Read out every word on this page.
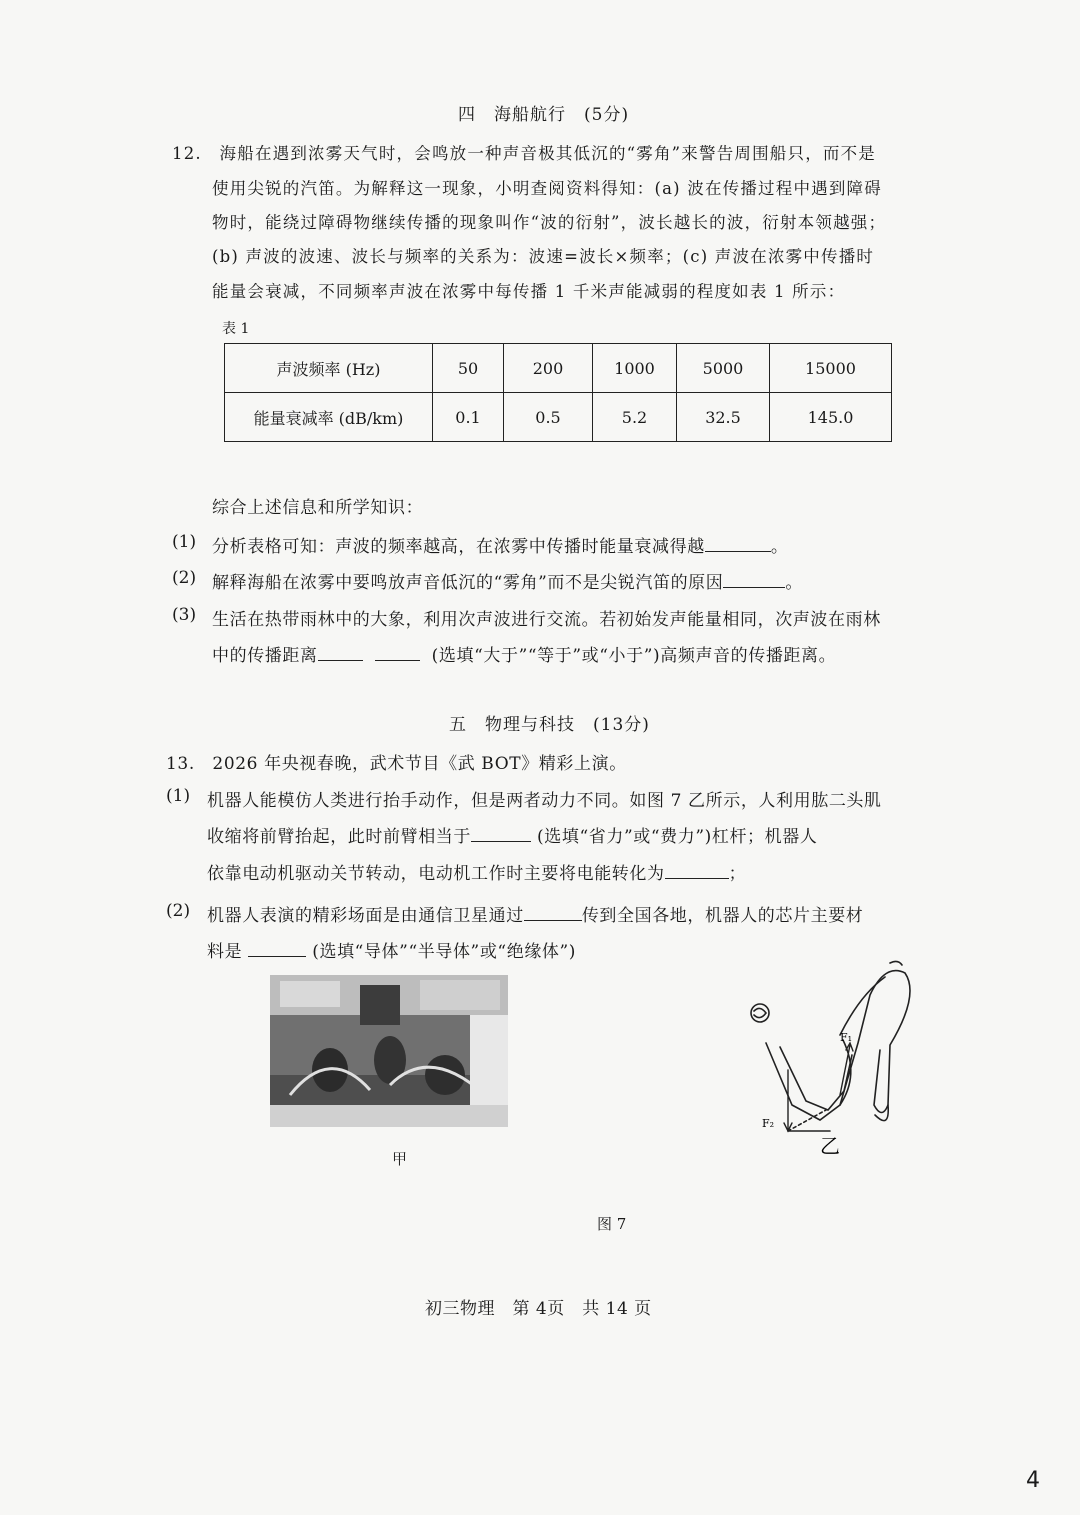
四　海船航行　(5分)
12.　海船在遇到浓雾天气时，会鸣放一种声音极其低沉的“雾角”来警告周围船只，而不是
使用尖锐的汽笛。为解释这一现象，小明查阅资料得知：(a) 波在传播过程中遇到障碍
物时，能绕过障碍物继续传播的现象叫作“波的衍射”，波长越长的波，衍射本领越强；
(b) 声波的波速、波长与频率的关系为：波速=波长×频率；(c) 声波在浓雾中传播时
能量会衰减，不同频率声波在浓雾中每传播 1 千米声能减弱的程度如表 1 所示：
表 1
声波频率 (Hz)	50	200	1000	5000	15000
能量衰减率 (dB/km)	0.1	0.5	5.2	32.5	145.0
综合上述信息和所学知识：
(1) 分析表格可知：声波的频率越高，在浓雾中传播时能量衰减得越	。
(2) 解释海船在浓雾中要鸣放声音低沉的“雾角”而不是尖锐汽笛的原因	。
(3) 生活在热带雨林中的大象，利用次声波进行交流。若初始发声能量相同，次声波在雨林
中的传播距离	(选填“大于”“等于”或“小于”)高频声音的传播距离。
五　物理与科技　(13分)
13.　2026 年央视春晚，武术节目《武 BOT》精彩上演。
(1) 机器人能模仿人类进行抬手动作，但是两者动力不同。如图 7 乙所示，人利用肱二头肌
收缩将前臂抬起，此时前臂相当于	(选填“省力”或“费力”)杠杆；机器人
依靠电动机驱动关节转动，电动机工作时主要将电能转化为	；
(2) 机器人表演的精彩场面是由通信卫星通过	传到全国各地，机器人的芯片主要材
料是	(选填“导体”“半导体”或“绝缘体”)
甲
F₁
F₂
乙
图 7
初三物理　第 4页　共 14 页
4
